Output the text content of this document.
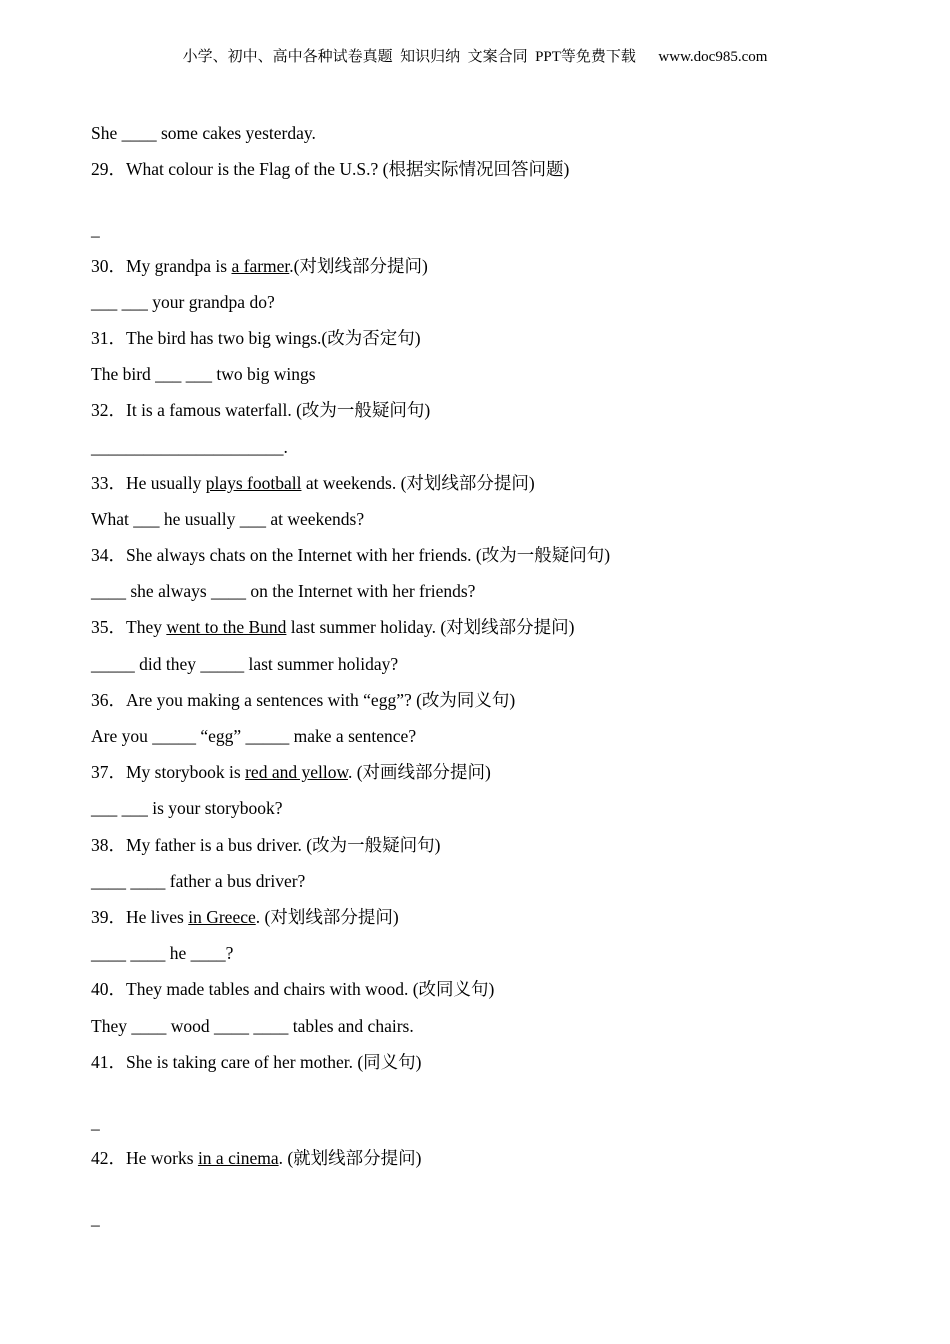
小学、初中、高中各种试卷真题  知识归纳  文案合同  PPT等免费下载      www.doc985.com
She ____ some cakes yesterday.
29．What colour is the Flag of the U.S.? (根据实际情况回答问题)
_
30．My grandpa is a farmer.(对划线部分提问)
___ ___ your grandpa do?
31．The bird has two big wings.(改为否定句)
The bird ___ ___ two big wings
32．It is a famous waterfall. (改为一般疑问句)
______________________.
33．He usually plays football at weekends. (对划线部分提问)
What ___ he usually ___ at weekends?
34．She always chats on the Internet with her friends. (改为一般疑问句)
____ she always ____ on the Internet with her friends?
35．They went to the Bund last summer holiday. (对划线部分提问)
_____ did they _____ last summer holiday?
36．Are you making a sentences with “egg”? (改为同义句)
Are you _____ “egg” _____ make a sentence?
37．My storybook is red and yellow. (对画线部分提问)
___ ___ is your storybook?
38．My father is a bus driver. (改为一般疑问句)
____ ____ father a bus driver?
39．He lives in Greece. (对划线部分提问)
____ ____ he ____?
40．They made tables and chairs with wood. (改同义句)
They ____ wood ____ ____ tables and chairs.
41．She is taking care of her mother. (同义句)
_
42．He works in a cinema. (就划线部分提问)
_
